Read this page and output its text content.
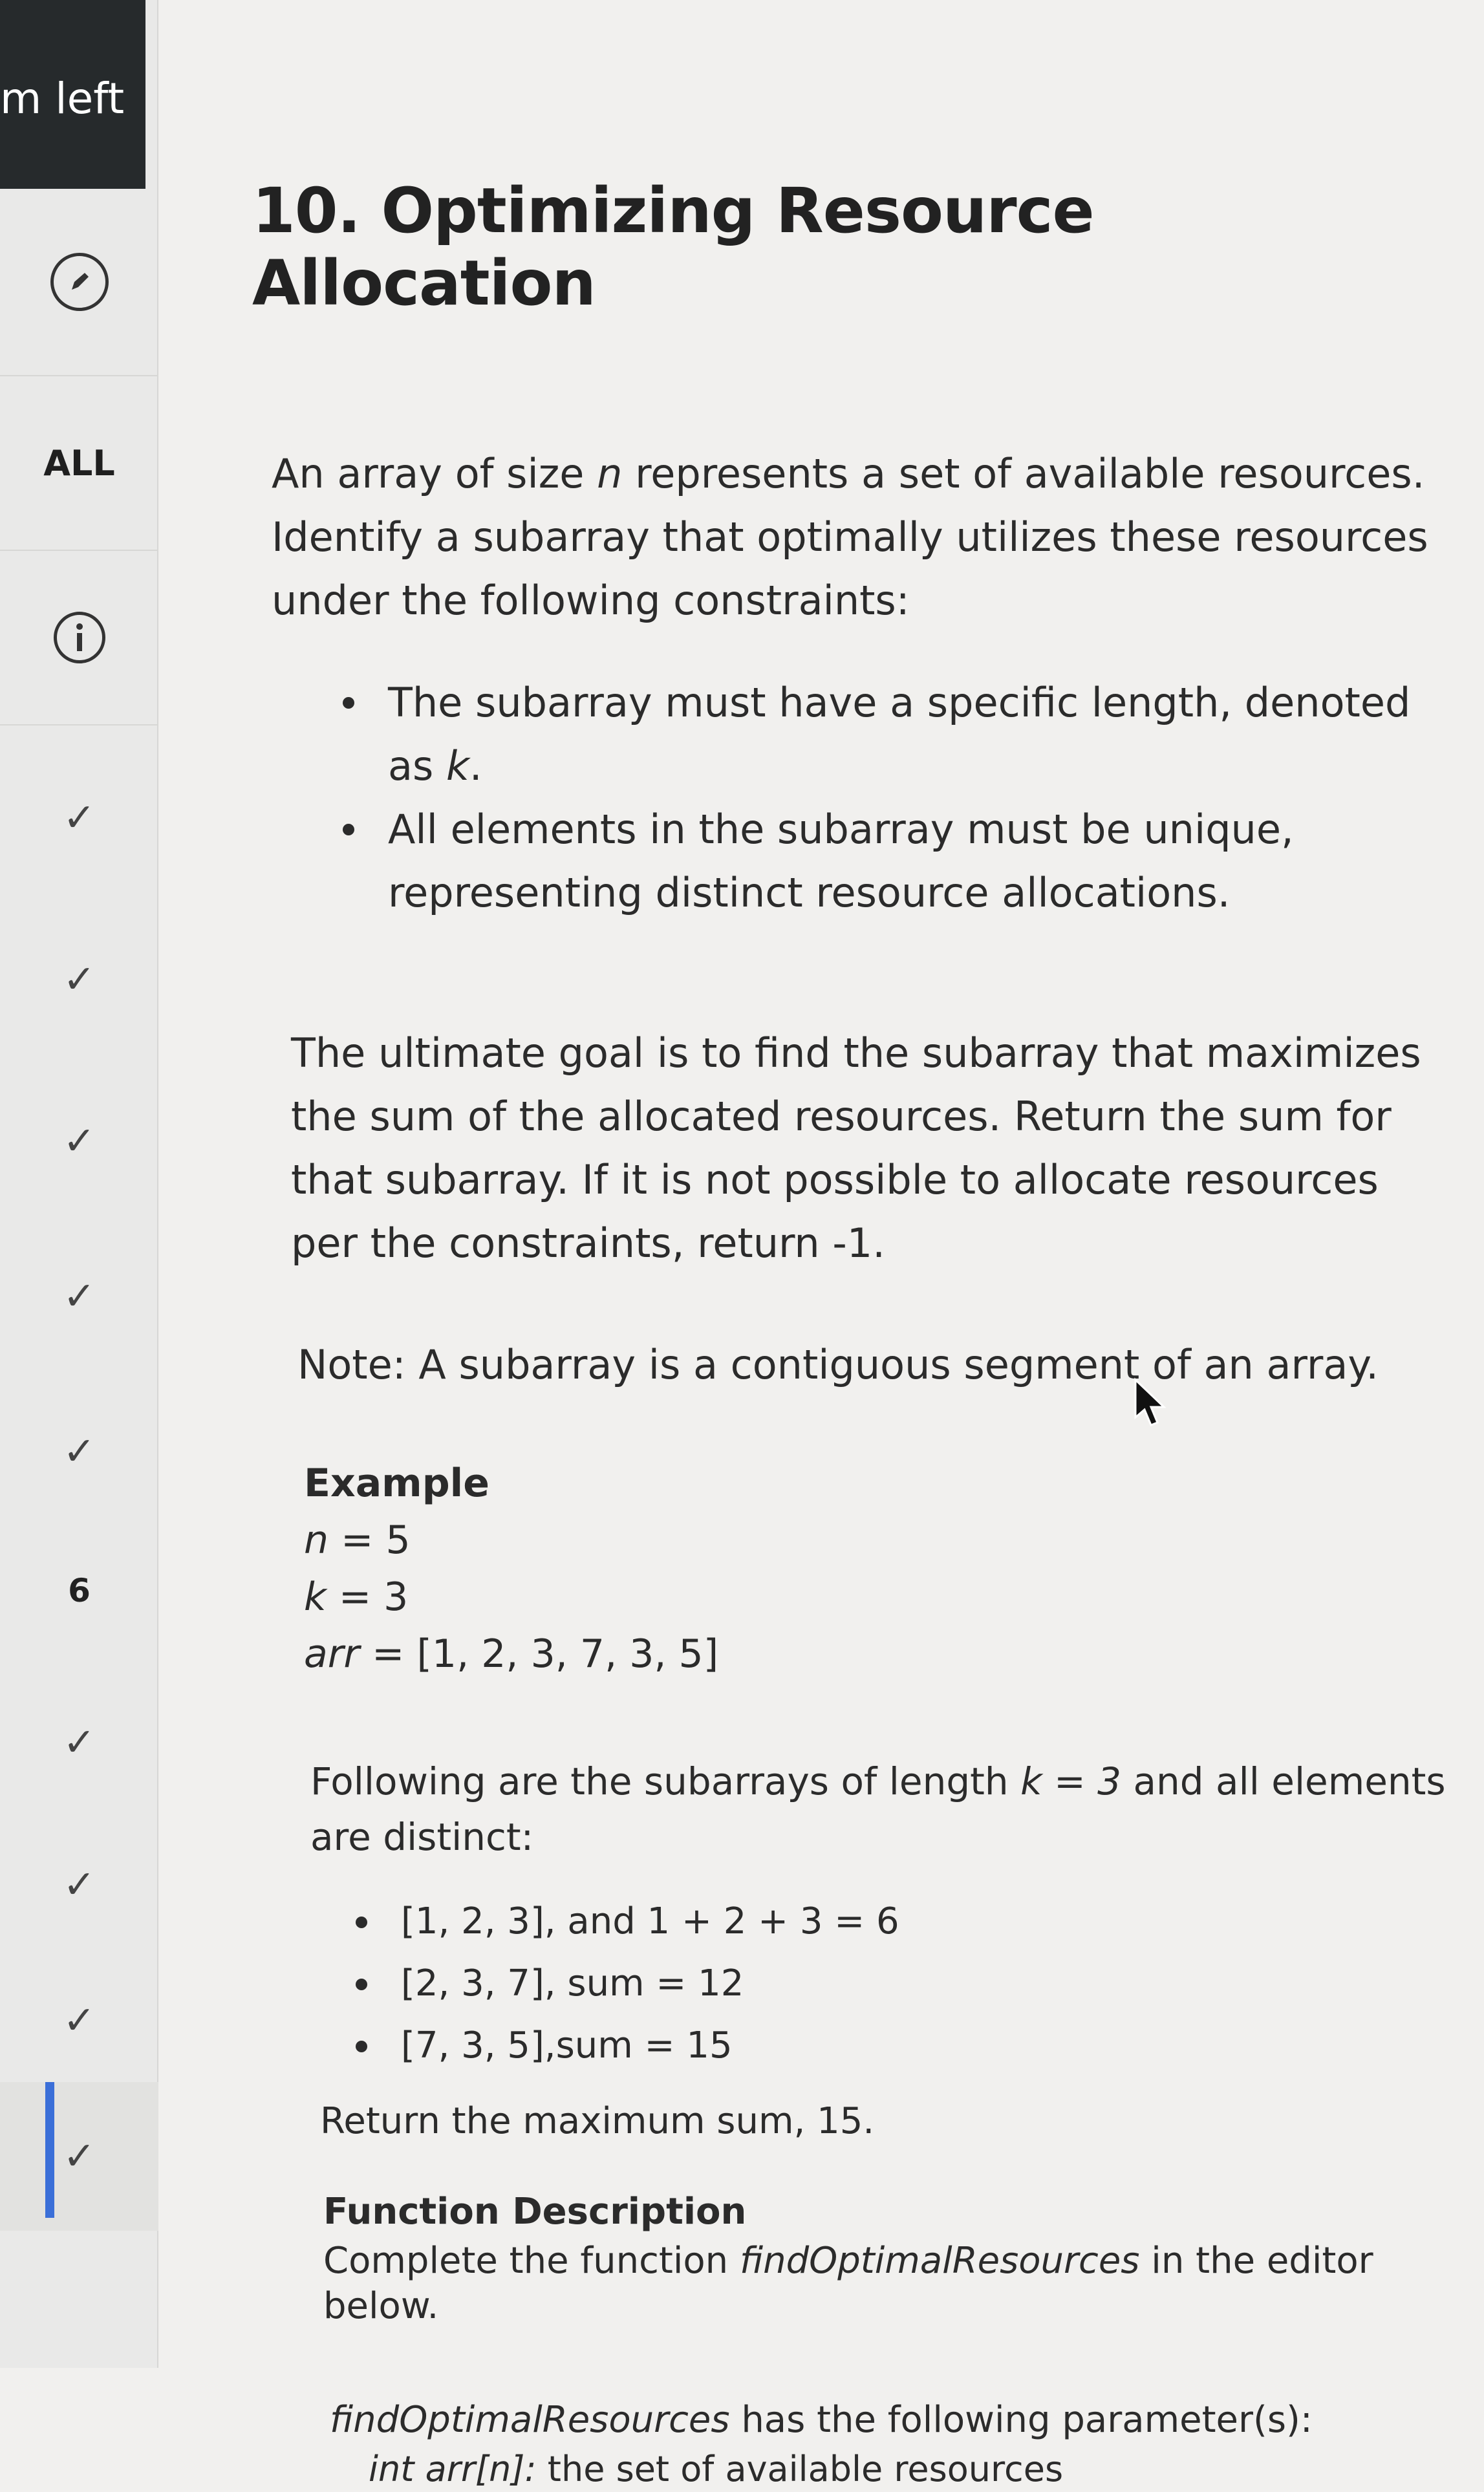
m left
ALL
✓
✓
✓
✓
✓
6
✓
✓
✓
✓
10. Optimizing Resource Allocation

An array of size n represents a set of available resources. Identify a subarray that optimally utilizes these resources under the following constraints:

The subarray must have a specific length, denoted as k.
All elements in the subarray must be unique, representing distinct resource allocations.

The ultimate goal is to find the subarray that maximizes the sum of the allocated resources. Return the sum for that subarray. If it is not possible to allocate resources per the constraints, return -1.

Note: A subarray is a contiguous segment of an array.

Example

n = 5

k = 3

arr = [1, 2, 3, 7, 3, 5]

Following are the subarrays of length k = 3 and all elements are distinct:

[1, 2, 3], and 1 + 2 + 3 = 6
[2, 3, 7], sum = 12
[7, 3, 5],sum = 15

Return the maximum sum, 15.

Function Description

Complete the function findOptimalResources in the editor below.

findOptimalResources has the following parameter(s):

int arr[n]: the set of available resources
